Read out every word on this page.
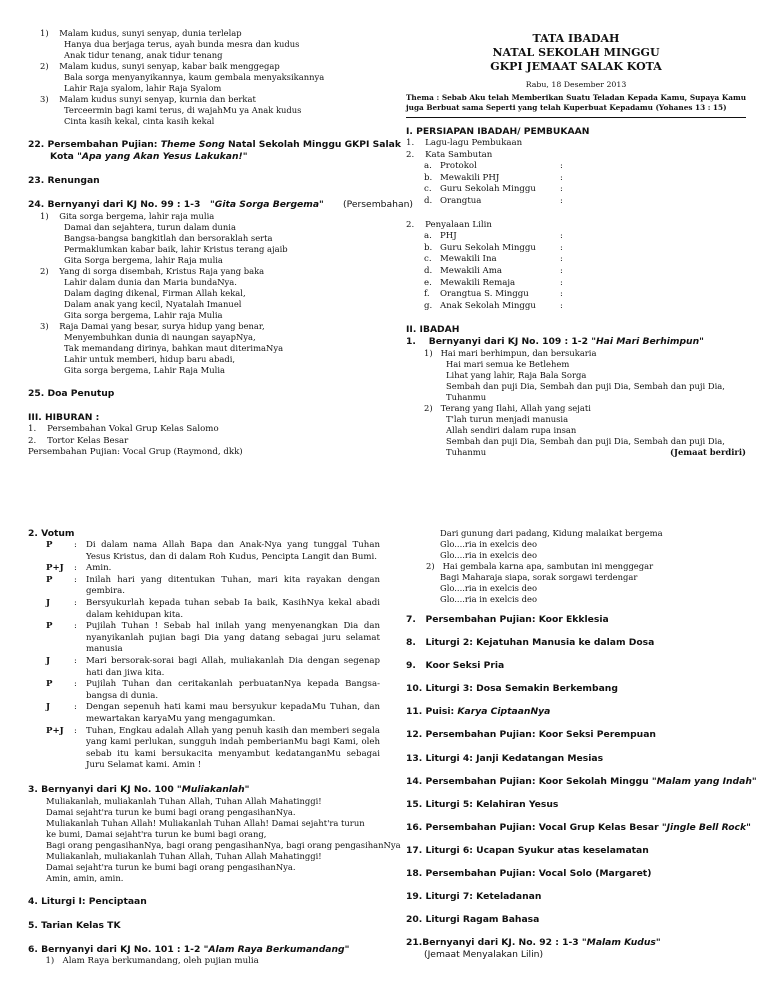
1)    Malam kudus, sunyi senyap, dunia terlelap
Hanya dua berjaga terus, ayah bunda mesra dan kudus
Anak tidur tenang, anak tidur tenang
2)    Malam kudus, sunyi senyap, kabar baik menggegap
Bala sorga menyanyikannya, kaum gembala menyaksikannya
Lahir Raja syalom, lahir Raja Syalom
3)    Malam kudus sunyi senyap, kurnia dan berkat
Terceermin bagi kami terus, di wajahMu ya Anak kudus
Cinta kasih kekal, cinta kasih kekal
22. Persembahan Pujian: Theme Song Natal Sekolah Minggu GKPI Salak
Kota "Apa yang Akan Yesus Lakukan!"
23. Renungan
24. Bernyanyi dari KJ No. 99 : 1-3 "Gita Sorga Bergema" (Persembahan)
1)    Gita sorga bergema, lahir raja mulia
Damai dan sejahtera, turun dalam dunia
Bangsa-bangsa bangkitlah dan bersoraklah serta
Permaklumkan kabar baik, lahir Kristus terang ajaib
Gita Sorga bergema, lahir Raja mulia
2)    Yang di sorga disembah, Kristus Raja yang baka
Lahir dalam dunia dan Maria bundaNya.
Dalam daging dikenal, Firman Allah kekal,
Dalam anak yang kecil, Nyatalah Imanuel
Gita sorga bergema, Lahir raja Mulia
3)    Raja Damai yang besar, surya hidup yang benar,
Menyembuhkan dunia di naungan sayapNya,
Tak memandang dirinya, bahkan maut diterimaNya
Lahir untuk memberi, hidup baru abadi,
Gita sorga bergema, Lahir Raja Mulia
25. Doa Penutup
III. HIBURAN :
1.    Persembahan Vokal Grup Kelas Salomo
2.    Tortor Kelas Besar
Persembahan Pujian: Vocal Grup (Raymond, dkk)
TATA IBADAH
NATAL SEKOLAH MINGGU
GKPI JEMAAT SALAK KOTA
Rabu, 18 Desember 2013
Thema : Sebab Aku telah Memberikan Suatu Teladan Kepada Kamu, Supaya Kamu juga Berbuat sama Seperti yang telah Kuperbuat Kepadamu (Yohanes 13 : 15)
I. PERSIAPAN IBADAH/ PEMBUKAAN
1.    Lagu-lagu Pembukaan
2.    Kata Sambutan
a. Protokol	:
b. Mewakili PHJ	:
c. Guru Sekolah Minggu	:
d. Orangtua	:
2.    Penyalaan Lilin
a. PHJ	:
b. Guru Sekolah Minggu	:
c. Mewakili Ina	:
d. Mewakili Ama	:
e. Mewakili Remaja	:
f.	Orangtua S. Minggu	:
g. Anak Sekolah Minggu	:
II. IBADAH
1.    Bernyanyi dari KJ No. 109 : 1-2 "Hai Mari Berhimpun"
1)   Hai mari berhimpun, dan bersukaria
Hai mari semua ke Betlehem
Lihat yang lahir, Raja Bala Sorga
Sembah dan puji Dia, Sembah dan puji Dia, Sembah dan puji Dia,
Tuhanmu
2)   Terang yang Ilahi, Allah yang sejati
T'lah turun menjadi manusia
Allah sendiri dalam rupa insan
Sembah dan puji Dia, Sembah dan puji Dia, Sembah dan puji Dia,
Tuhanmu	(Jemaat berdiri)
2. Votum
P	:	Di dalam nama Allah Bapa dan Anak-Nya yang tunggal Tuhan Yesus Kristus, dan di dalam Roh Kudus, Pencipta Langit dan Bumi.
P+J	:	Amin.
P	:	Inilah hari yang ditentukan Tuhan, mari kita rayakan dengan gembira.
J	:	Bersyukurlah kepada tuhan sebab Ia baik, KasihNya kekal abadi dalam kehidupan kita.
P	:	Pujilah Tuhan ! Sebab hal inilah yang menyenangkan Dia dan nyanyikanlah pujian bagi Dia yang datang sebagai juru selamat manusia
J	:	Mari bersorak-sorai bagi Allah, muliakanlah Dia dengan segenap hati dan jiwa kita.
P	:	Pujilah Tuhan dan ceritakanlah perbuatanNya kepada Bangsa-bangsa di dunia.
J	:	Dengan sepenuh hati kami mau bersyukur kepadaMu Tuhan, dan mewartakan karyaMu yang mengagumkan.
P+J	:	Tuhan, Engkau adalah Allah yang penuh kasih dan memberi segala yang kami perlukan, sungguh indah pemberianMu bagi Kami, oleh sebab itu kami bersukacita menyambut kedatanganMu sebagai Juru Selamat kami. Amin !
3. Bernyanyi dari KJ No. 100 "Muliakanlah"
Muliakanlah, muliakanlah Tuhan Allah, Tuhan Allah Mahatinggi!
Damai sejaht'ra turun ke bumi bagi orang pengasihanNya.
Muliakanlah Tuhan Allah! Muliakanlah Tuhan Allah! Damai sejaht'ra turun
ke bumi, Damai sejaht'ra turun ke bumi bagi orang,
Bagi orang pengasihanNya, bagi orang pengasihanNya, bagi orang pengasihanNya
Muliakanlah, muliakanlah Tuhan Allah, Tuhan Allah Mahatinggi!
Damai sejaht'ra turun ke bumi bagi orang pengasihanNya.
Amin, amin, amin.
4. Liturgi I: Penciptaan
5. Tarian Kelas TK
6. Bernyanyi dari KJ No. 101 : 1-2 "Alam Raya Berkumandang"
1)   Alam Raya berkumandang, oleh pujian mulia
Dari gunung dari padang, Kidung malaikat bergema
Glo....ria in exelcis deo
Glo....ria in exelcis deo
2)   Hai gembala karna apa, sambutan ini menggegar
Bagi Maharaja siapa, sorak sorgawi terdengar
Glo....ria in exelcis deo
Glo....ria in exelcis deo
7. Persembahan Pujian: Koor Ekklesia
8. Liturgi 2: Kejatuhan Manusia ke dalam Dosa
9. Koor Seksi Pria
10. Liturgi 3: Dosa Semakin Berkembang
11. Puisi: Karya CiptaanNya
12. Persembahan Pujian: Koor Seksi Perempuan
13. Liturgi 4: Janji Kedatangan Mesias
14. Persembahan Pujian: Koor Sekolah Minggu "Malam yang Indah"
15. Liturgi 5: Kelahiran Yesus
16. Persembahan Pujian: Vocal Grup Kelas Besar "Jingle Bell Rock"
17. Liturgi 6: Ucapan Syukur atas keselamatan
18. Persembahan Pujian: Vocal Solo (Margaret)
19. Liturgi 7: Keteladanan
20. Liturgi Ragam Bahasa
21.Bernyanyi dari KJ. No. 92 : 1-3 "Malam Kudus"
(Jemaat Menyalakan Lilin)
